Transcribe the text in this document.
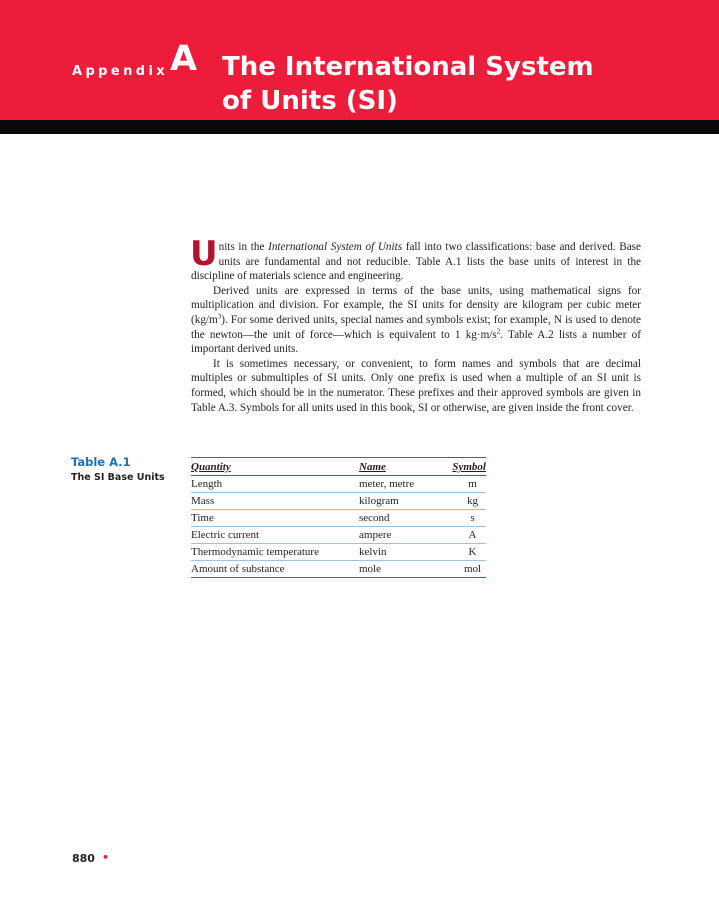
Appendix A The International System
of Units (SI)

Units in the International System of Units fall into two classifications: base and derived. Base units are fundamental and not reducible. Table A.1 lists the base units of interest in the discipline of materials science and engineering.

Derived units are expressed in terms of the base units, using mathematical signs for multiplication and division. For example, the SI units for density are kilogram per cubic meter $(kg/m^3)$. For some derived units, special names and symbols exist; for example, N is used to denote the newton—the unit of force—which is equivalent to 1 $kg\cdot m/s^2$. Table A.2 lists a number of important derived units.

It is sometimes necessary, or convenient, to form names and symbols that are decimal multiples or submultiples of SI units. Only one prefix is used when a multiple of an SI unit is formed, which should be in the numerator. These prefixes and their approved symbols are given in Table A.3. Symbols for all units used in this book, SI or otherwise, are given inside the front cover.

Table A.1
The SI Base Units
Quantity	Name	Symbol
Length	meter, metre	m
Mass	kilogram	kg
Time	second	s
Electric current	ampere	A
Thermodynamic temperature	kelvin	K
Amount of substance	mole	mol
880 •
